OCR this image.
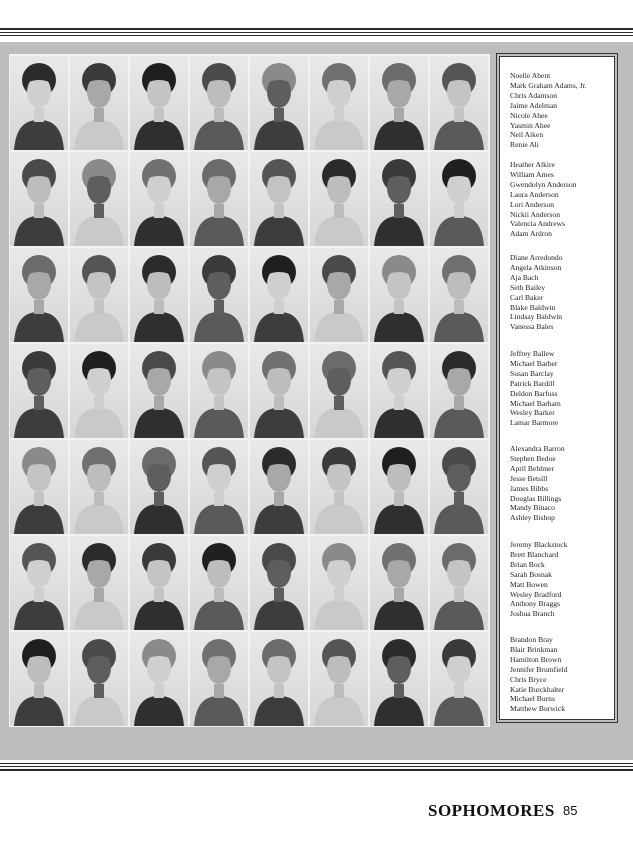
Noelle Abent
Mark Graham Adams, Jr.
Chris Adamson
Jaime Adelman
Nicole Ahee
Yasmin Ahee
Neil Aiken
Renie Ali
Heather Alkire
William Ames
Gwendolyn Anderson
Laura Anderson
Lori Anderson
Nickii Anderson
Valencia Andrews
Adam Ardron
Diane Arredondo
Angela Atkinson
Aja Bach
Seth Bailey
Carl Baker
Blake Baldwin
Lindsay Baldwin
Vanessa Bales
Jeffrey Ballew
Michael Barber
Susan Barclay
Patrick Bardill
Deldon Barfuss
Michael Barham
Wesley Barker
Lamar Barmore
Alexandra Barron
Stephen Bedoe
April Behlmer
Jesse Betsill
James Bibbs
Douglas Billings
Mandy Binaco
Ashley Bishop
Jeremy Blackstock
Brett Blanchard
Brian Bock
Sarah Bosnak
Matt Bowen
Wesley Bradford
Anthony Braggs
Joshua Branch
Brandon Bray
Blair Brinkman
Hamilton Brown
Jennifer Brumfield
Chris Bryce
Katie Burckhalter
Michael Burns
Matthew Burwick
SOPHOMORES 85
